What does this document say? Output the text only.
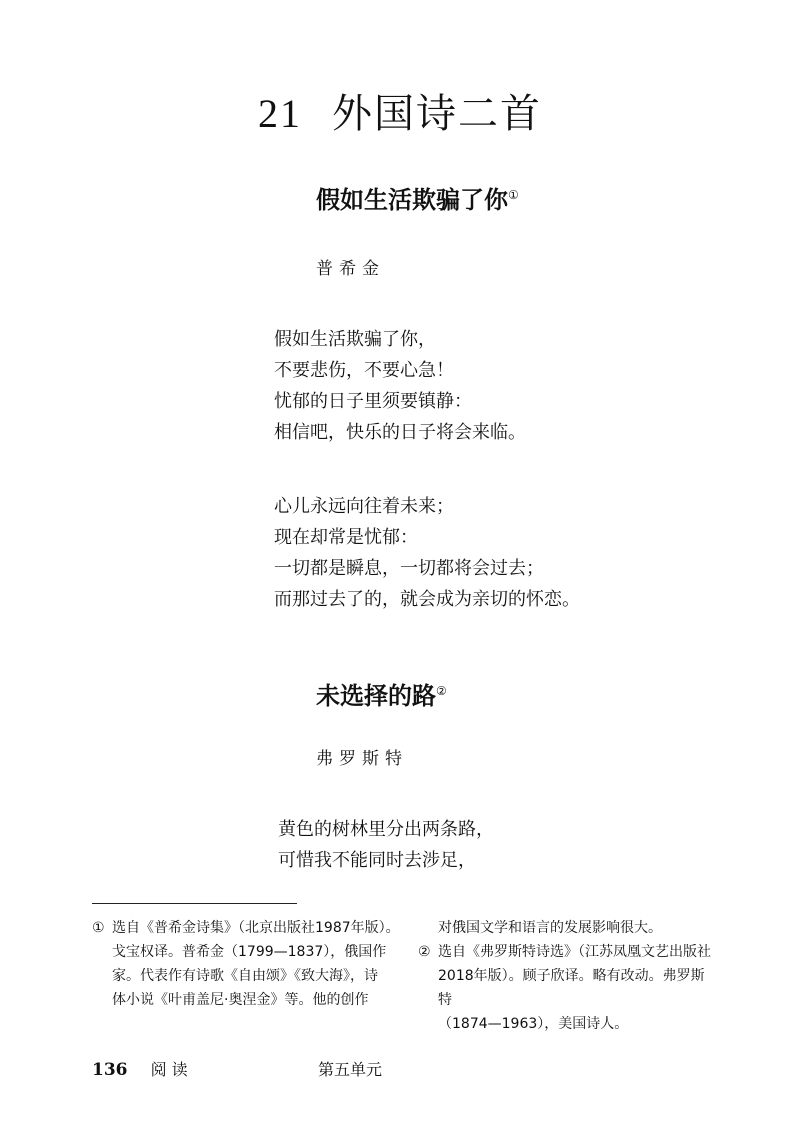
21 外国诗二首
假如生活欺骗了你①
普希金
假如生活欺骗了你，
不要悲伤，不要心急！
忧郁的日子里须要镇静：
相信吧，快乐的日子将会来临。
心儿永远向往着未来；
现在却常是忧郁：
一切都是瞬息，一切都将会过去；
而那过去了的，就会成为亲切的怀恋。
未选择的路②
弗罗斯特
黄色的树林里分出两条路，
可惜我不能同时去涉足，
① 选自《普希金诗集》（北京出版社1987年版）。
戈宝权译。普希金（1799—1837），俄国作
家。代表作有诗歌《自由颂》《致大海》，诗
体小说《叶甫盖尼·奥涅金》等。他的创作
对俄国文学和语言的发展影响很大。
② 选自《弗罗斯特诗选》（江苏凤凰文艺出版社
2018年版）。顾子欣译。略有改动。弗罗斯特
（1874—1963），美国诗人。
136 阅 读	第五单元
